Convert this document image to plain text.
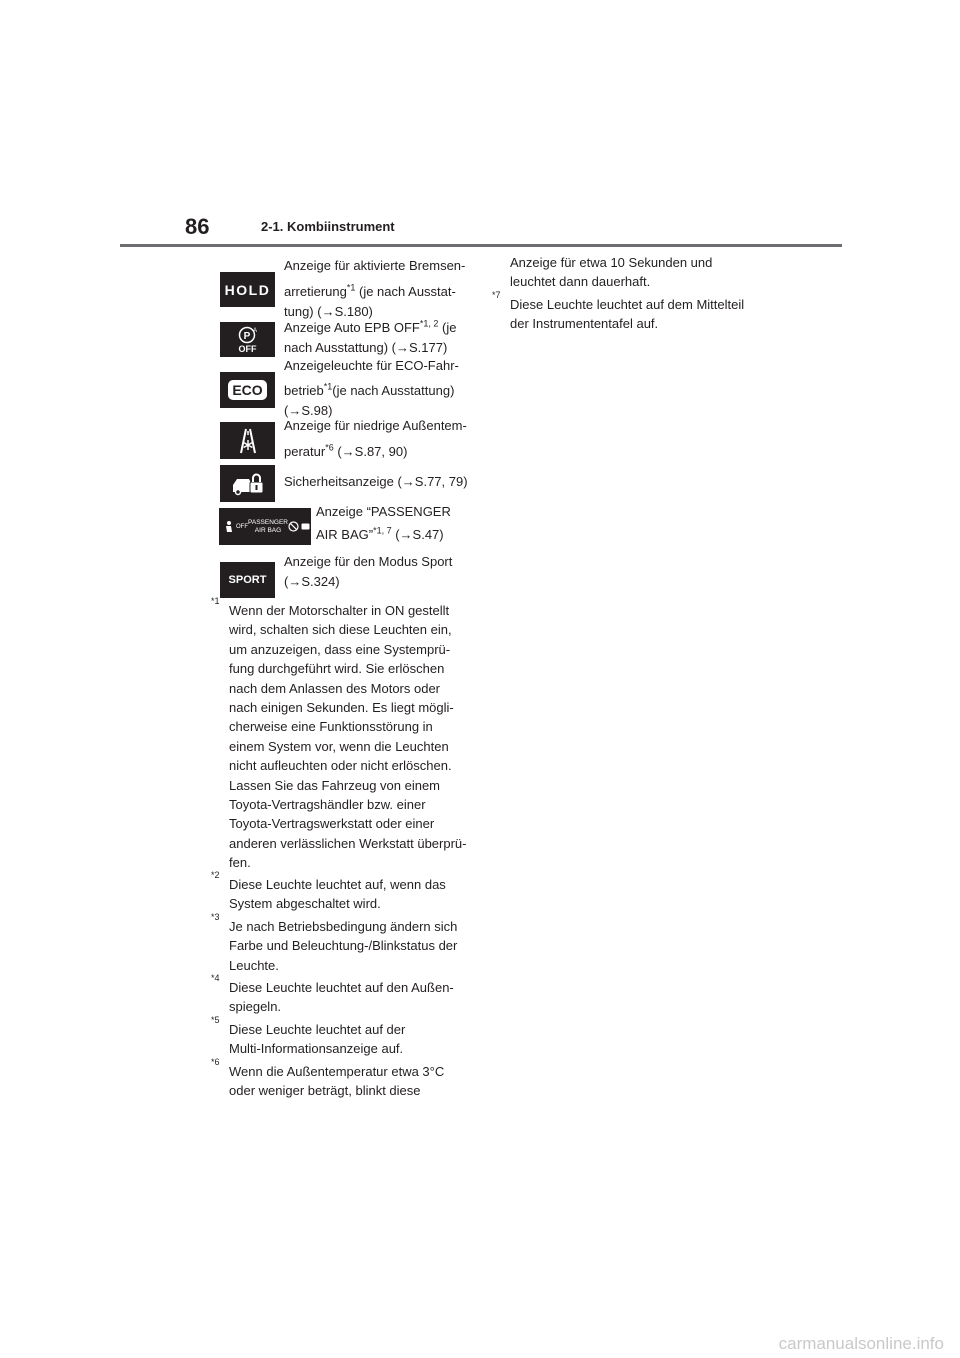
86	2-1. Kombiinstrument
HOLD
Anzeige für aktivierte Bremsen-
arretierung$^{*1}$ (je nach Ausstat-
tung) (→S.180)
P A
OFF
Anzeige Auto EPB OFF$^{*1, 2}$ (je
nach Ausstattung) (→S.177)
ECO
Anzeigeleuchte für ECO-Fahr-
betrieb$^{*1}$(je nach Ausstattung)
(→S.98)
Anzeige für niedrige Außentem-
peratur$^{*6}$ (→S.87, 90)
Sicherheitsanzeige (→S.77, 79)
OFF
PASSENGER
AIR BAG
Anzeige “PASSENGER
AIR BAG”$^{*1, 7}$ (→S.47)
SPORT
Anzeige für den Modus Sport
(→S.324)
*1
Wenn der Motorschalter in ON gestellt
wird, schalten sich diese Leuchten ein,
um anzuzeigen, dass eine Systemprü-
fung durchgeführt wird. Sie erlöschen
nach dem Anlassen des Motors oder
nach einigen Sekunden. Es liegt mögli-
cherweise eine Funktionsstörung in
einem System vor, wenn die Leuchten
nicht aufleuchten oder nicht erlöschen.
Lassen Sie das Fahrzeug von einem
Toyota-Vertragshändler bzw. einer
Toyota-Vertragswerkstatt oder einer
anderen verlässlichen Werkstatt überprü-
fen.
*2
Diese Leuchte leuchtet auf, wenn das
System abgeschaltet wird.
*3
Je nach Betriebsbedingung ändern sich
Farbe und Beleuchtung-/Blinkstatus der
Leuchte.
*4
Diese Leuchte leuchtet auf den Außen-
spiegeln.
*5
Diese Leuchte leuchtet auf der
Multi-Informationsanzeige auf.
*6
Wenn die Außentemperatur etwa 3°C
oder weniger beträgt, blinkt diese
Anzeige für etwa 10 Sekunden und
leuchtet dann dauerhaft.
*7
Diese Leuchte leuchtet auf dem Mittelteil
der Instrumententafel auf.
carmanualsonline.info
